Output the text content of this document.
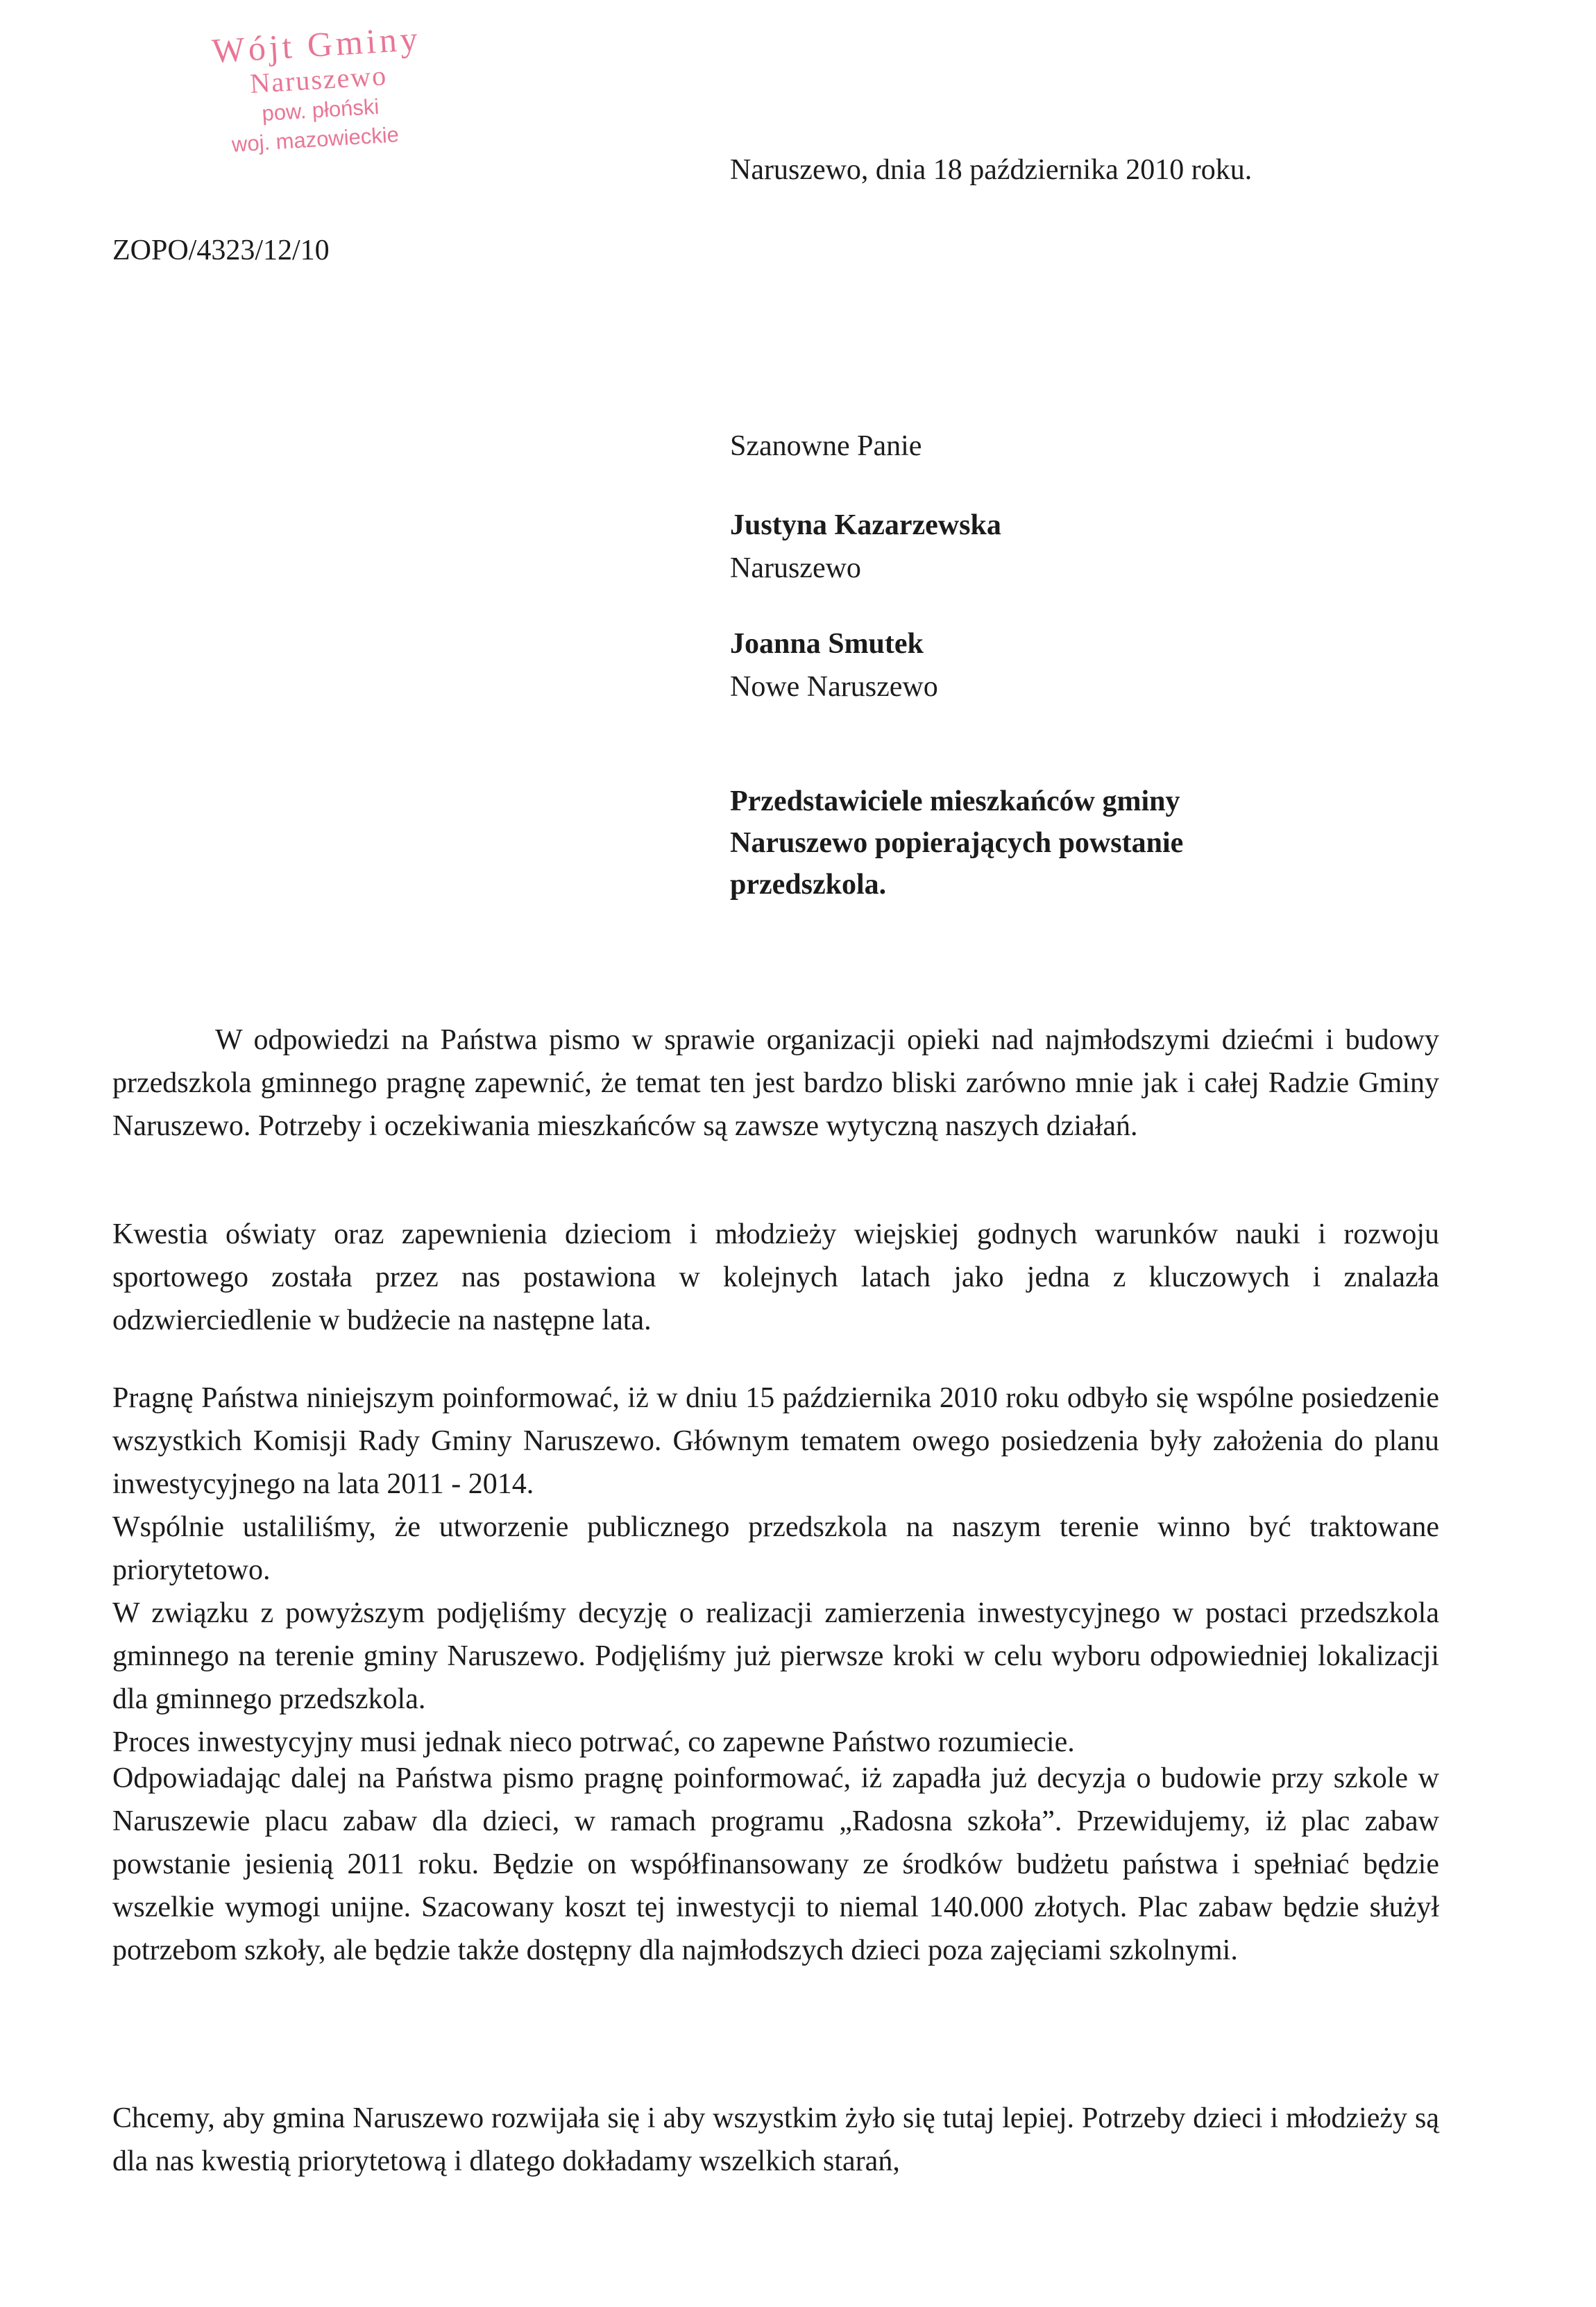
Wójt Gminy
Naruszewo
pow. płoński
woj. mazowieckie
Naruszewo, dnia 18 października 2010 roku.
ZOPO/4323/12/10
Szanowne Panie
Justyna Kazarzewska
Naruszewo
Joanna Smutek
Nowe Naruszewo
Przedstawiciele mieszkańców gminy
Naruszewo popierających powstanie
przedszkola.
W odpowiedzi na Państwa pismo w sprawie organizacji opieki nad najmłodszymi dziećmi i budowy przedszkola gminnego pragnę zapewnić, że temat ten jest bardzo bliski zarówno mnie jak i całej Radzie Gminy Naruszewo. Potrzeby i oczekiwania mieszkańców są zawsze wytyczną naszych działań.
Kwestia oświaty oraz zapewnienia dzieciom i młodzieży wiejskiej godnych warunków nauki i rozwoju sportowego została przez nas postawiona w kolejnych latach jako jedna z kluczowych i znalazła odzwierciedlenie w budżecie na następne lata.

Pragnę Państwa niniejszym poinformować, iż w dniu 15 października 2010 roku odbyło się wspólne posiedzenie wszystkich Komisji Rady Gminy Naruszewo. Głównym tematem owego posiedzenia były założenia do planu inwestycyjnego na lata 2011 - 2014.

Wspólnie ustaliliśmy, że utworzenie publicznego przedszkola na naszym terenie winno być traktowane priorytetowo.

W związku z powyższym podjęliśmy decyzję o realizacji zamierzenia inwestycyjnego w postaci przedszkola gminnego na terenie gminy Naruszewo. Podjęliśmy już pierwsze kroki w celu wyboru odpowiedniej lokalizacji dla gminnego przedszkola.

Proces inwestycyjny musi jednak nieco potrwać, co zapewne Państwo rozumiecie.

Odpowiadając dalej na Państwa pismo pragnę poinformować, iż zapadła już decyzja o budowie przy szkole w Naruszewie placu zabaw dla dzieci, w ramach programu „Radosna szkoła”. Przewidujemy, iż plac zabaw powstanie jesienią 2011 roku. Będzie on współfinansowany ze środków budżetu państwa i spełniać będzie wszelkie wymogi unijne. Szacowany koszt tej inwestycji to niemal 140.000 złotych. Plac zabaw będzie służył potrzebom szkoły, ale będzie także dostępny dla najmłodszych dzieci poza zajęciami szkolnymi.
Chcemy, aby gmina Naruszewo rozwijała się i aby wszystkim żyło się tutaj lepiej. Potrzeby dzieci i młodzieży są dla nas kwestią priorytetową i dlatego dokładamy wszelkich starań,
